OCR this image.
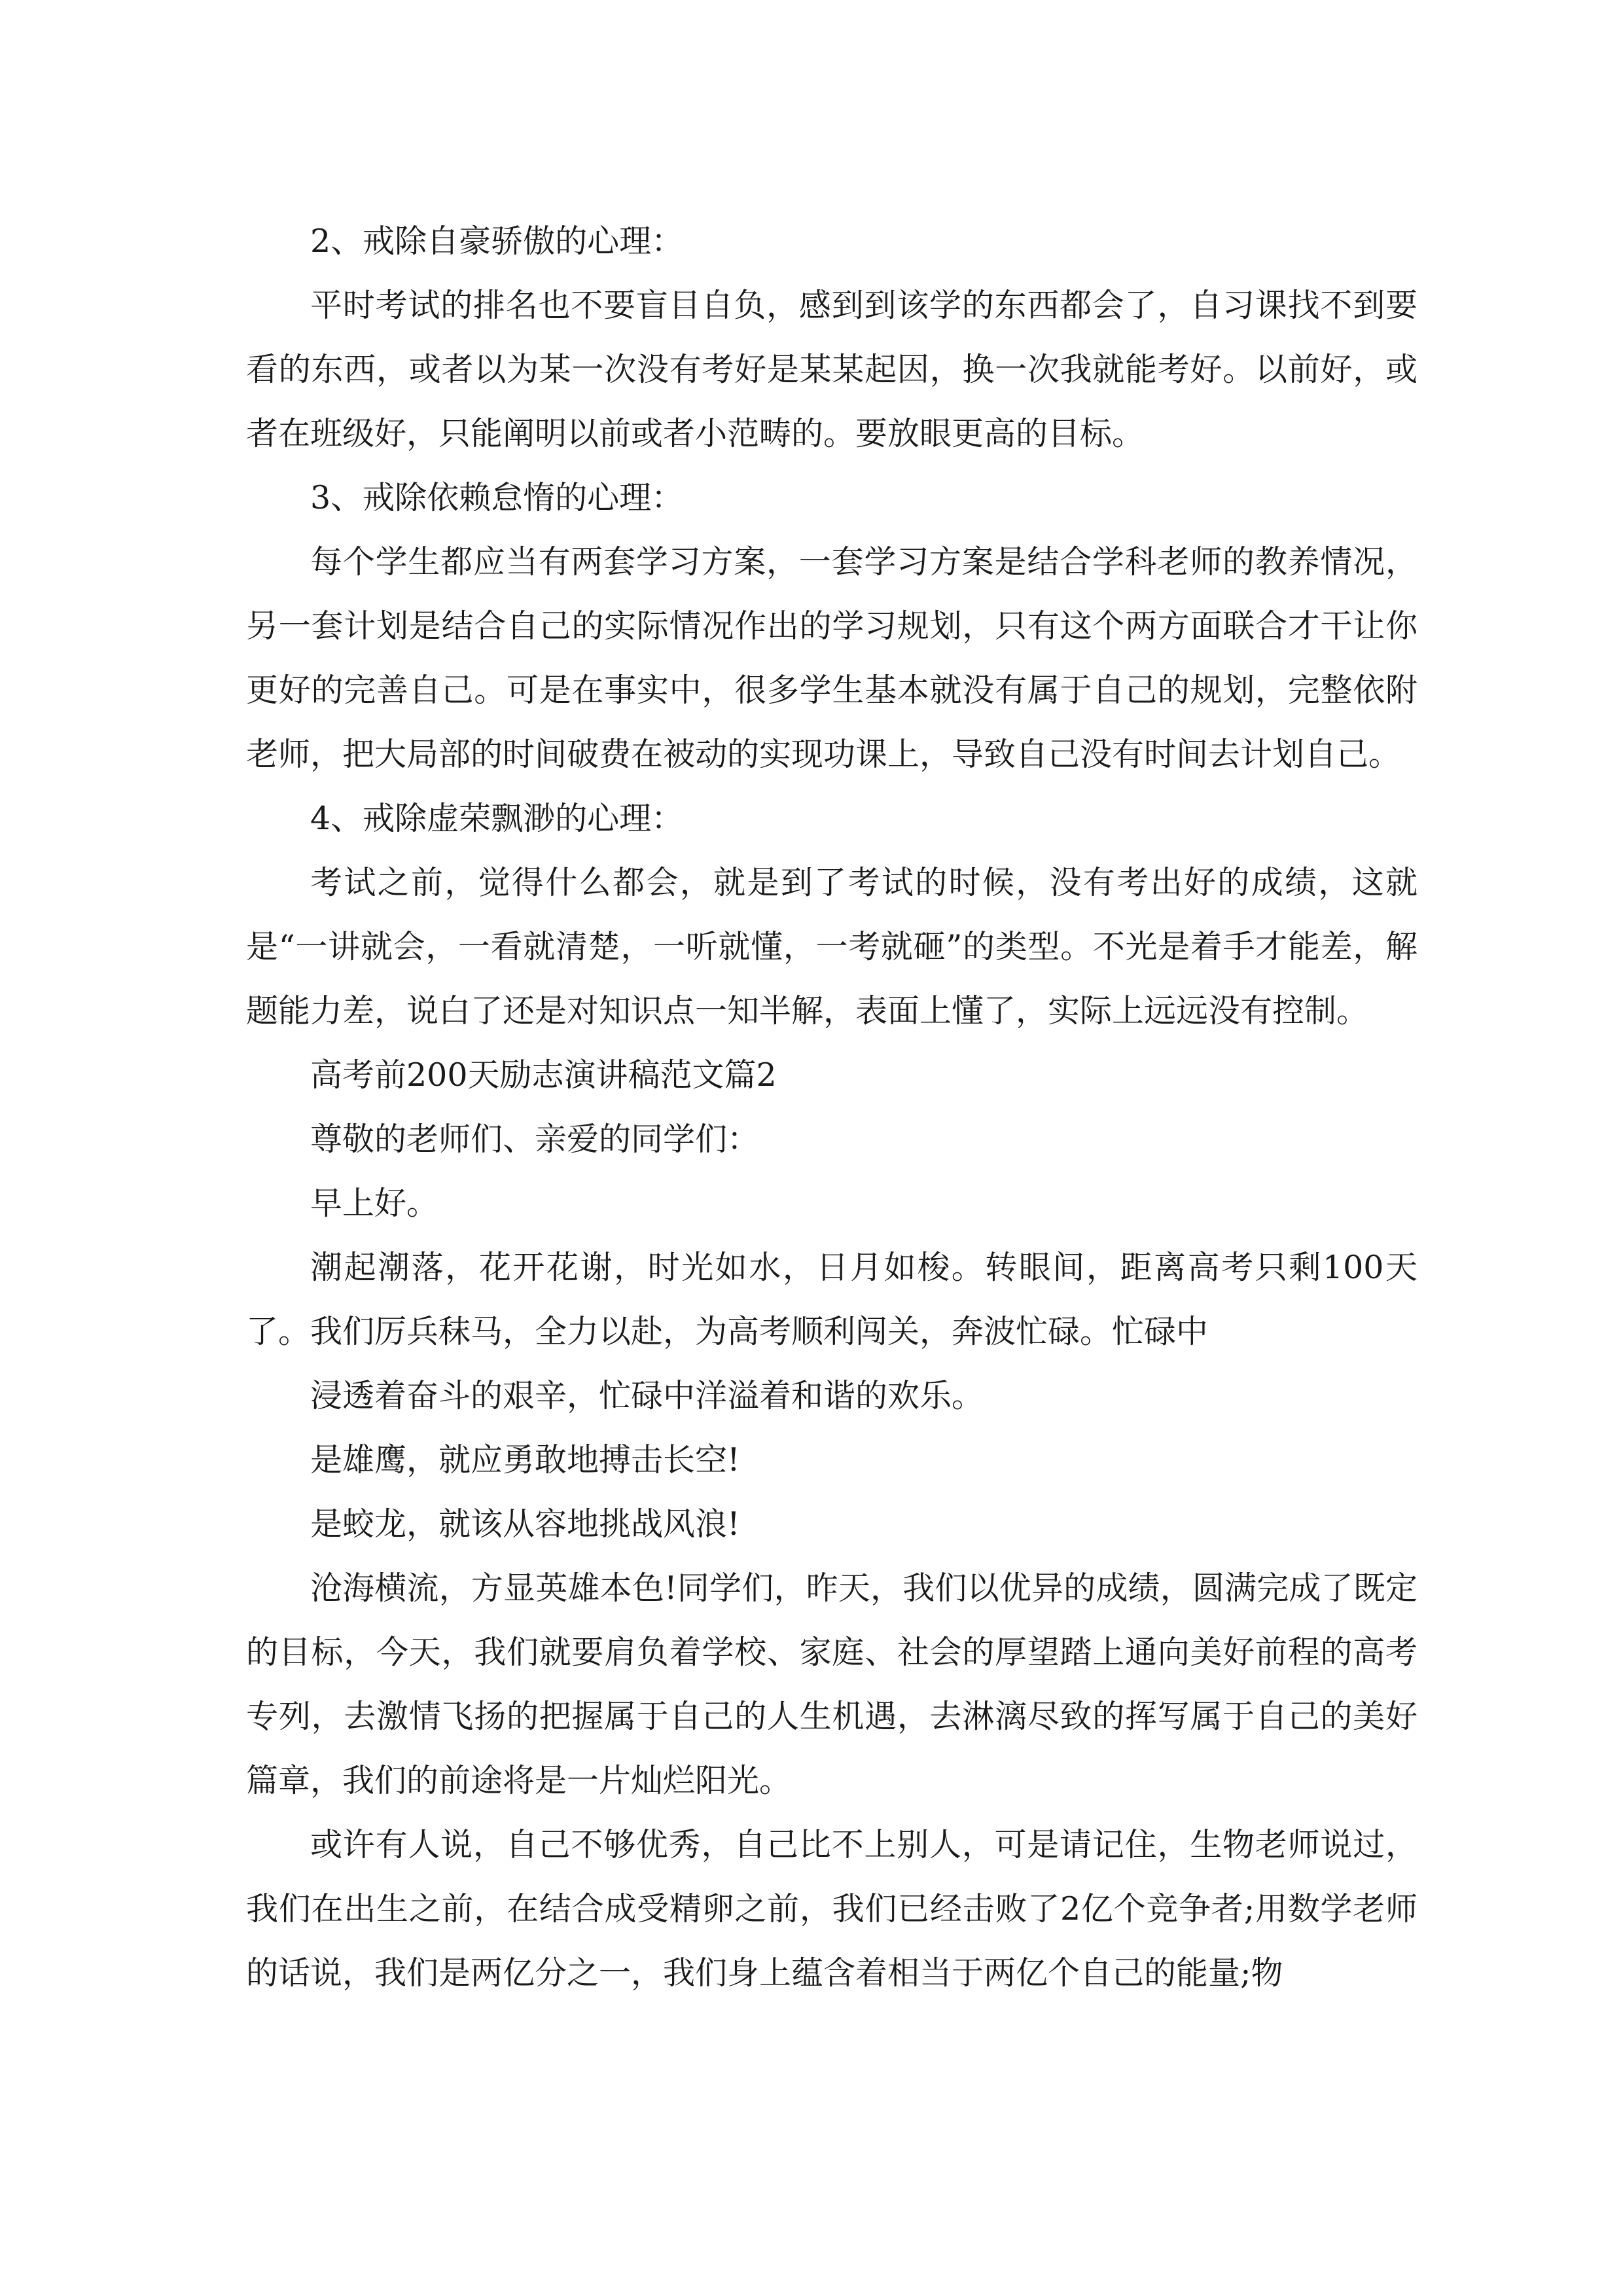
2、戒除自豪骄傲的心理：

平时考试的排名也不要盲目自负，感到到该学的东西都会了，自习课找不到要看的东西，或者以为某一次没有考好是某某起因，换一次我就能考好。以前好，或者在班级好，只能阐明以前或者小范畴的。要放眼更高的目标。

3、戒除依赖怠惰的心理：

每个学生都应当有两套学习方案，一套学习方案是结合学科老师的教养情况，另一套计划是结合自己的实际情况作出的学习规划，只有这个两方面联合才干让你更好的完善自己。可是在事实中，很多学生基本就没有属于自己的规划，完整依附老师，把大局部的时间破费在被动的实现功课上，导致自己没有时间去计划自己。

4、戒除虚荣飘渺的心理：

考试之前，觉得什么都会，就是到了考试的时候，没有考出好的成绩，这就是“一讲就会，一看就清楚，一听就懂，一考就砸”的类型。不光是着手才能差，解题能力差，说白了还是对知识点一知半解，表面上懂了，实际上远远没有控制。

高考前200天励志演讲稿范文篇2

尊敬的老师们、亲爱的同学们：

早上好。

潮起潮落，花开花谢，时光如水，日月如梭。转眼间，距离高考只剩100天了。我们厉兵秣马，全力以赴，为高考顺利闯关，奔波忙碌。忙碌中

浸透着奋斗的艰辛，忙碌中洋溢着和谐的欢乐。

是雄鹰，就应勇敢地搏击长空!

是蛟龙，就该从容地挑战风浪!

沧海横流，方显英雄本色!同学们，昨天，我们以优异的成绩，圆满完成了既定的目标，今天，我们就要肩负着学校、家庭、社会的厚望踏上通向美好前程的高考专列，去激情飞扬的把握属于自己的人生机遇，去淋漓尽致的挥写属于自己的美好篇章，我们的前途将是一片灿烂阳光。

或许有人说，自己不够优秀，自己比不上别人，可是请记住，生物老师说过，我们在出生之前，在结合成受精卵之前，我们已经击败了2亿个竞争者;用数学老师的话说，我们是两亿分之一，我们身上蕴含着相当于两亿个自己的能量;物
